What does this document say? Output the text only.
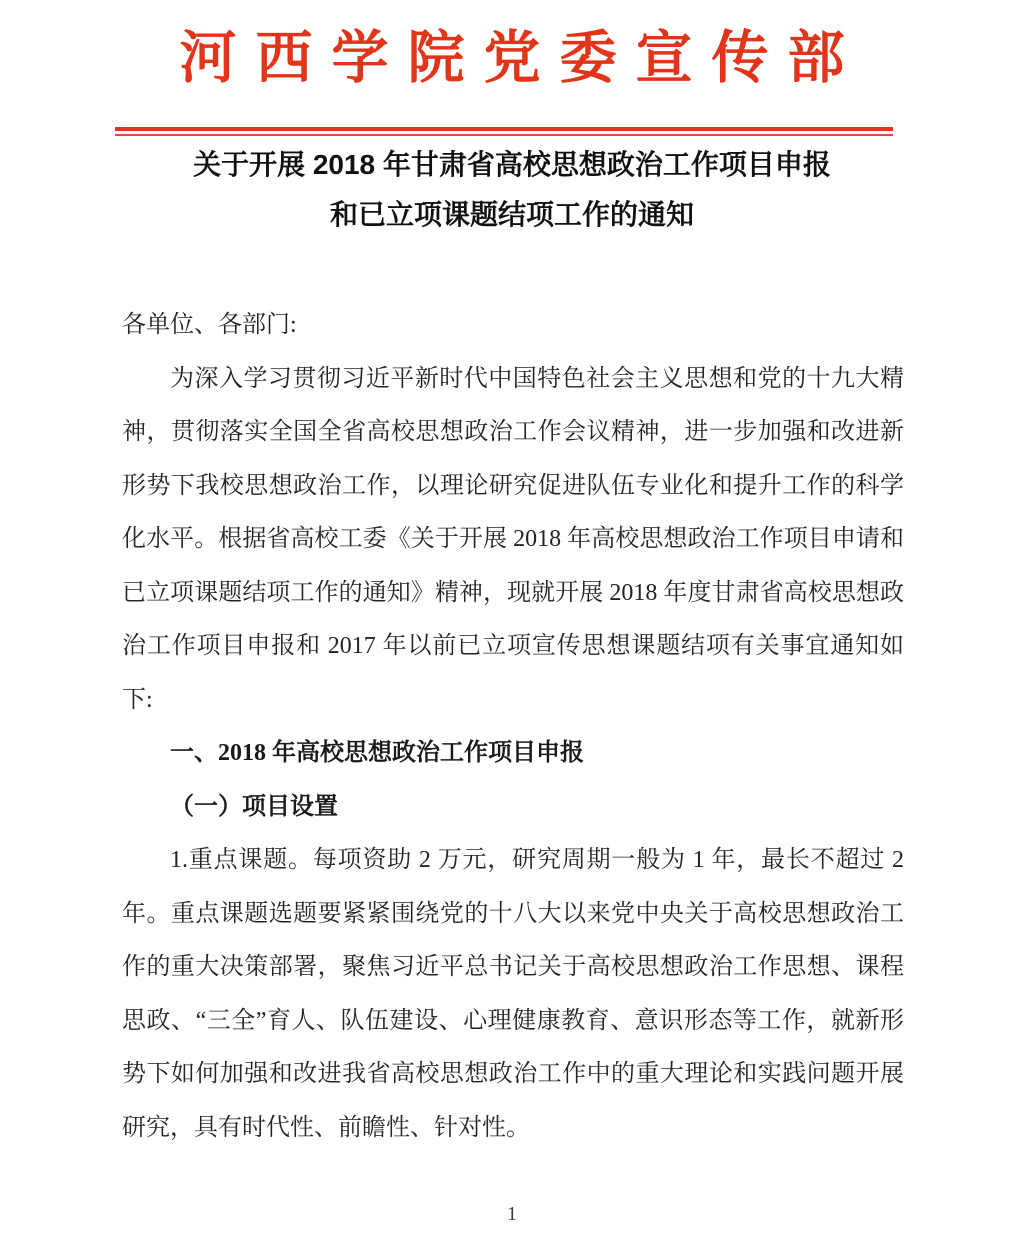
河西学院党委宣传部
关于开展 2018 年甘肃省高校思想政治工作项目申报
和已立项课题结项工作的通知

各单位、各部门:

为深入学习贯彻习近平新时代中国特色社会主义思想和党的十九大精神，贯彻落实全国全省高校思想政治工作会议精神，进一步加强和改进新形势下我校思想政治工作，以理论研究促进队伍专业化和提升工作的科学化水平。根据省高校工委《关于开展 2018 年高校思想政治工作项目申请和已立项课题结项工作的通知》精神，现就开展 2018 年度甘肃省高校思想政治工作项目申报和 2017 年以前已立项宣传思想课题结项有关事宜通知如下:

一、2018 年高校思想政治工作项目申报

（一）项目设置

1.重点课题。每项资助 2 万元，研究周期一般为 1 年，最长不超过 2 年。重点课题选题要紧紧围绕党的十八大以来党中央关于高校思想政治工作的重大决策部署，聚焦习近平总书记关于高校思想政治工作思想、课程思政、“三全”育人、队伍建设、心理健康教育、意识形态等工作，就新形势下如何加强和改进我省高校思想政治工作中的重大理论和实践问题开展研究，具有时代性、前瞻性、针对性。

1
